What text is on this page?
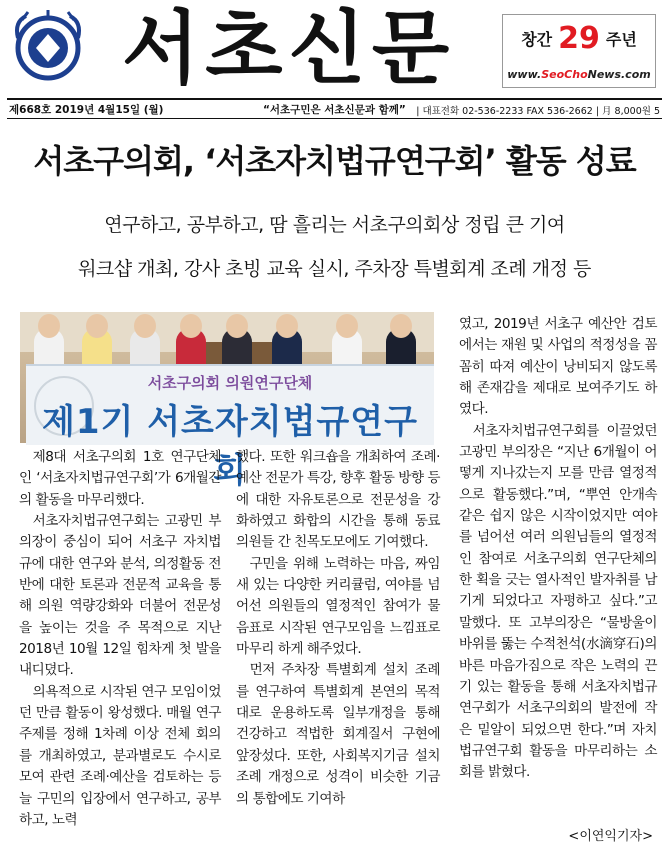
서초신문	창간 29 주년
www.SeoChoNews.com
제668호 2019년 4월15일 (월)	“서초구민은 서초신문과 함께” | 대표전화 02-536-2233 FAX 536-2662 | 月 8,000원 5
서초구의회, ‘서초자치법규연구회’ 활동 성료
연구하고, 공부하고, 땀 흘리는 서초구의회상 정립 큰 기여
워크샵 개최, 강사 초빙 교육 실시, 주차장 특별회계 조례 개정 등
서초구의회 의원연구단체
제1기 서초자치법규연구회

제8대 서초구의회 1호 연구단체인 ‘서초자치법규연구회’가 6개월간의 활동을 마무리했다.

서초자치법규연구회는 고광민 부의장이 중심이 되어 서초구 자치법규에 대한 연구와 분석, 의정활동 전반에 대한 토론과 전문적 교육을 통해 의원 역량강화와 더불어 전문성을 높이는 것을 주 목적으로 지난 2018년 10월 12일 힘차게 첫 발을 내디뎠다.

의욕적으로 시작된 연구 모임이었던 만큼 활동이 왕성했다. 매월 연구주제를 정해 1차례 이상 전체 회의를 개최하였고, 분과별로도 수시로 모여 관련 조례·예산을 검토하는 등 늘 구민의 입장에서 연구하고, 공부하고, 노력

했다. 또한 워크숍을 개최하여 조례·예산 전문가 특강, 향후 활동 방향 등에 대한 자유토론으로 전문성을 강화하였고 화합의 시간을 통해 동료 의원들 간 친목도모에도 기여했다.

구민을 위해 노력하는 마음, 짜임새 있는 다양한 커리큘럼, 여야를 넘어선 의원들의 열정적인 참여가 물음표로 시작된 연구모임을 느낌표로 마무리 하게 해주었다.

먼저 주차장 특별회계 설치 조례를 연구하여 특별회계 본연의 목적대로 운용하도록 일부개정을 통해 건강하고 적법한 회계질서 구현에 앞장섰다. 또한, 사회복지기금 설치 조례 개정으로 성격이 비슷한 기금의 통합에도 기여하

였고, 2019년 서초구 예산안 검토에서는 재원 및 사업의 적정성을 꼼꼼히 따져 예산이 낭비되지 않도록 해 존재감을 제대로 보여주기도 하였다.

서초자치법규연구회를 이끌었던 고광민 부의장은 “지난 6개월이 어떻게 지나갔는지 모를 만큼 열정적으로 활동했다.”며, “뿌연 안개속 같은 쉽지 않은 시작이었지만 여야를 넘어선 여러 의원님들의 열정적인 참여로 서초구의회 연구단체의 한 획을 긋는 열사적인 발자취를 남기게 되었다고 자평하고 싶다.”고 말했다. 또 고부의장은 “물방울이 바위를 뚫는 수적천석(水滴穿石)의 바른 마음가짐으로 작은 노력의 끈기 있는 활동을 통해 서초자치법규연구회가 서초구의회의 발전에 작은 밑알이 되었으면 한다.”며 자치법규연구회 활동을 마무리하는 소회를 밝혔다.

<이연익기자>
